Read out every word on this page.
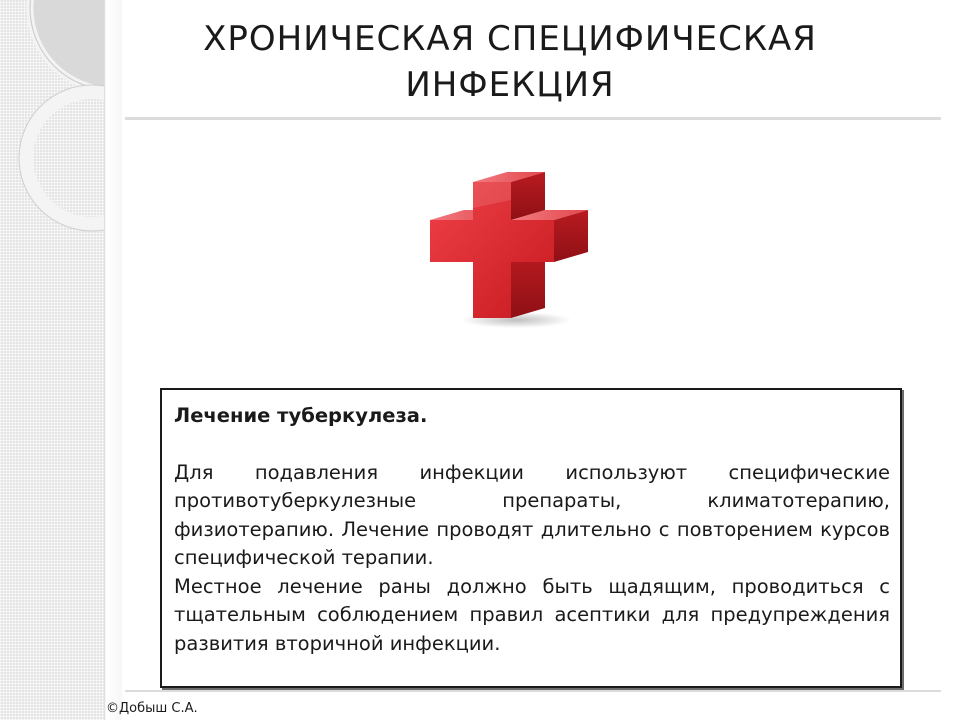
ХРОНИЧЕСКАЯ СПЕЦИФИЧЕСКАЯ ИНФЕКЦИЯ
Лечение туберкулеза.
Для подавления инфекции используют специфические противотуберкулезные препараты, климатотерапию, физиотерапию. Лечение проводят длительно с повторением курсов специфической терапии.
Местное лечение раны должно быть щадящим, проводиться с тщательным соблюдением правил асептики для предупреждения развития вторичной инфекции.
©Добыш С.А.
